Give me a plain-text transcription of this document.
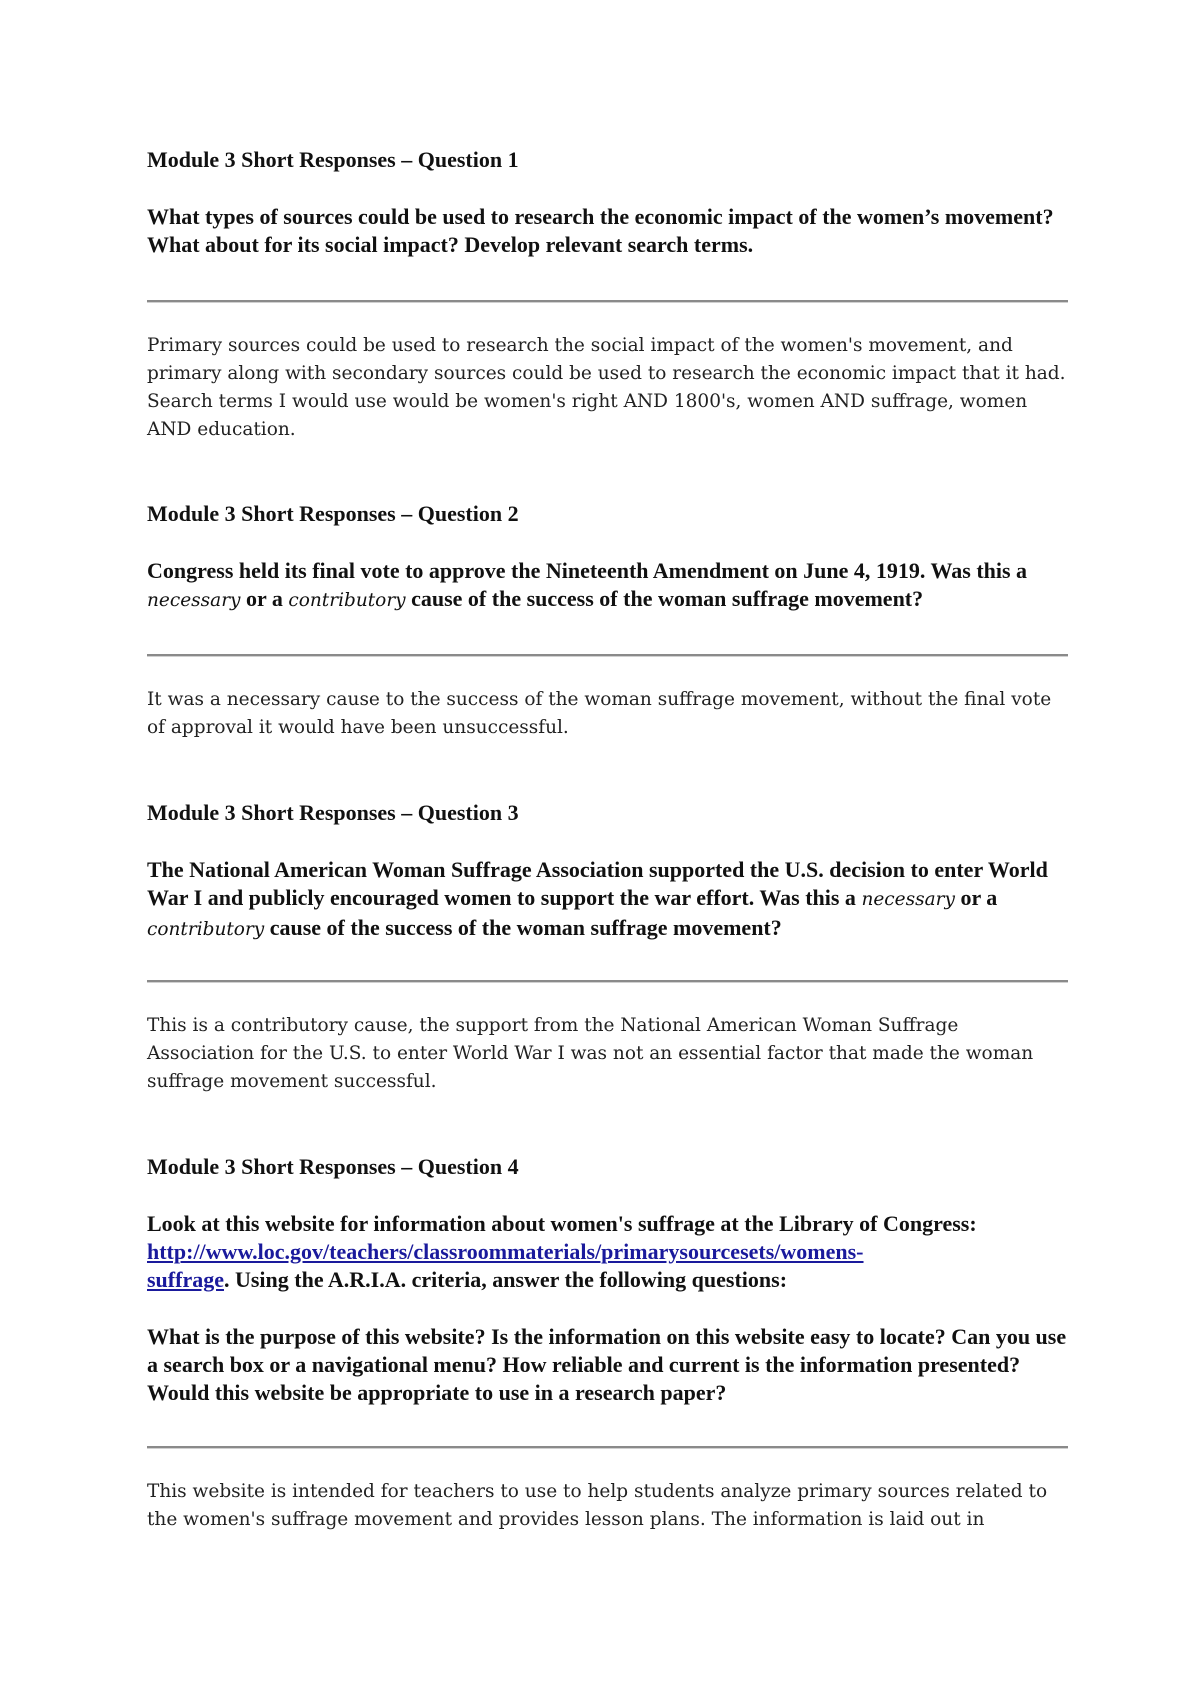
Module 3 Short Responses – Question 1

What types of sources could be used to research the economic impact of the women’s movement? What about for its social impact? Develop relevant search terms.

Primary sources could be used to research the social impact of the women's movement, and primary along with secondary sources could be used to research the economic impact that it had. Search terms I would use would be women's right AND 1800's, women AND suffrage, women AND education.

Module 3 Short Responses – Question 2

Congress held its final vote to approve the Nineteenth Amendment on June 4, 1919. Was this a necessary or a contributory cause of the success of the woman suffrage movement?

It was a necessary cause to the success of the woman suffrage movement, without the final vote of approval it would have been unsuccessful.

Module 3 Short Responses – Question 3

The National American Woman Suffrage Association supported the U.S. decision to enter World War I and publicly encouraged women to support the war effort. Was this a necessary or a contributory cause of the success of the woman suffrage movement?

This is a contributory cause, the support from the National American Woman Suffrage Association for the U.S. to enter World War I was not an essential factor that made the woman suffrage movement successful.

Module 3 Short Responses – Question 4

Look at this website for information about women's suffrage at the Library of Congress: http://www.loc.gov/teachers/classroommaterials/primarysourcesets/womens-
suffrage. Using the A.R.I.A. criteria, answer the following questions:

What is the purpose of this website? Is the information on this website easy to locate? Can you use a search box or a navigational menu? How reliable and current is the information presented? Would this website be appropriate to use in a research paper?

This website is intended for teachers to use to help students analyze primary sources related to the women's suffrage movement and provides lesson plans. The information is laid out in
